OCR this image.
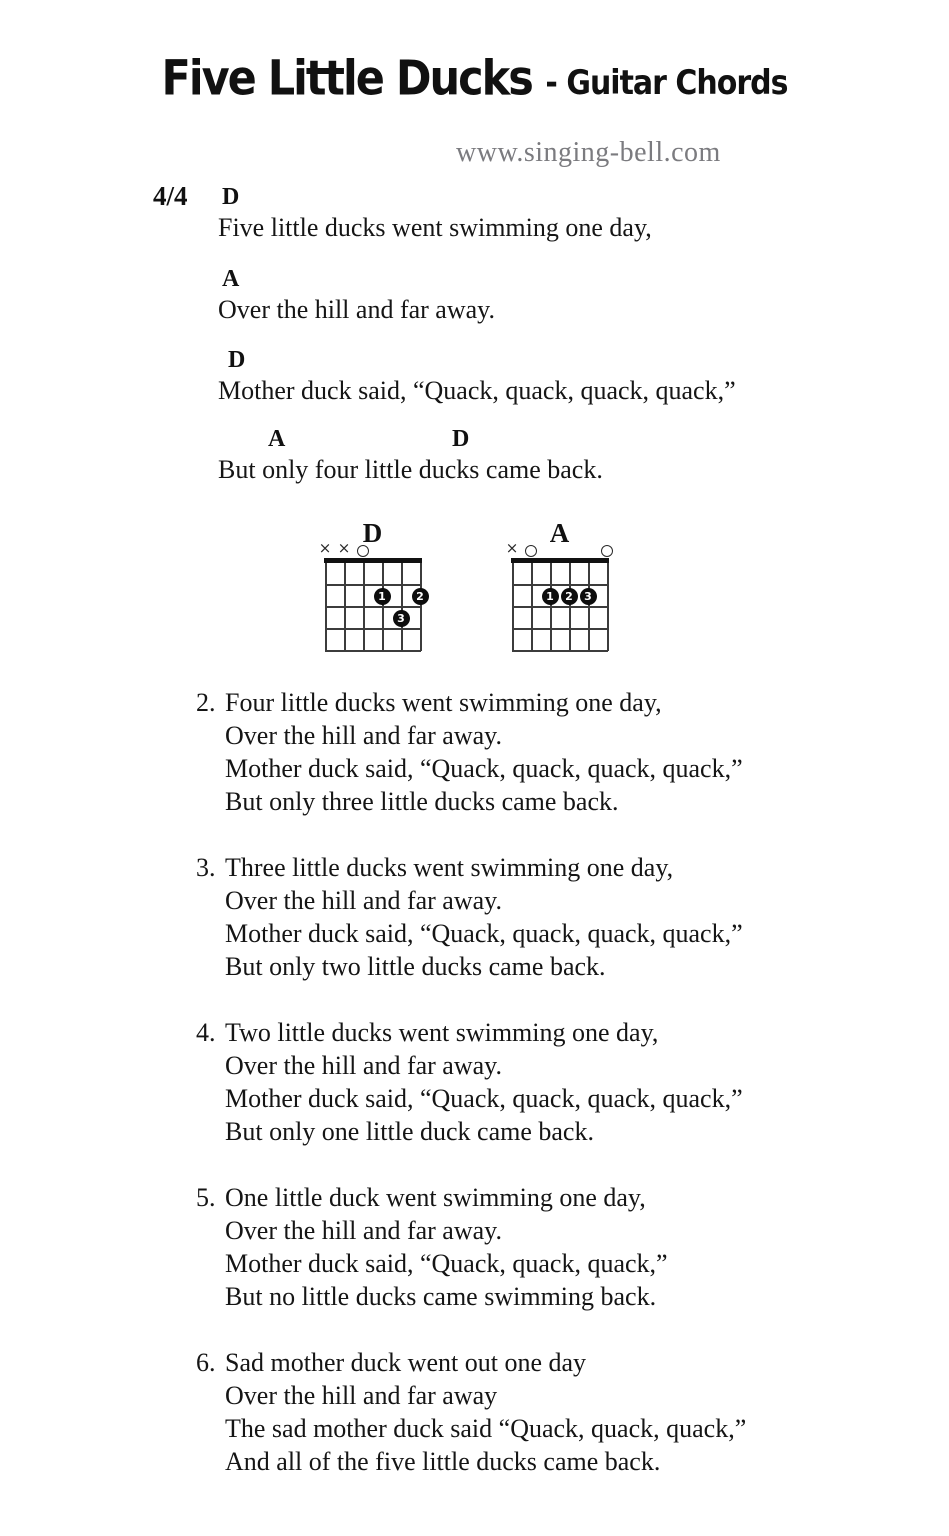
Five Little Ducks - Guitar Chords
www.singing-bell.com
4/4 D
Five little ducks went swimming one day,
A
Over the hill and far away.
D
Mother duck said, “Quack, quack, quack, quack,”
A	D
But only four little ducks came back.
D
× ×
1	2
3
A
×
1	2	3
2. Four little ducks went swimming one day,
Over the hill and far away.
Mother duck said, “Quack, quack, quack, quack,”
But only three little ducks came back.
3. Three little ducks went swimming one day,
Over the hill and far away.
Mother duck said, “Quack, quack, quack, quack,”
But only two little ducks came back.
4. Two little ducks went swimming one day,
Over the hill and far away.
Mother duck said, “Quack, quack, quack, quack,”
But only one little duck came back.
5. One little duck went swimming one day,
Over the hill and far away.
Mother duck said, “Quack, quack, quack,”
But no little ducks came swimming back.
6. Sad mother duck went out one day
Over the hill and far away
The sad mother duck said “Quack, quack, quack,”
And all of the five little ducks came back.
